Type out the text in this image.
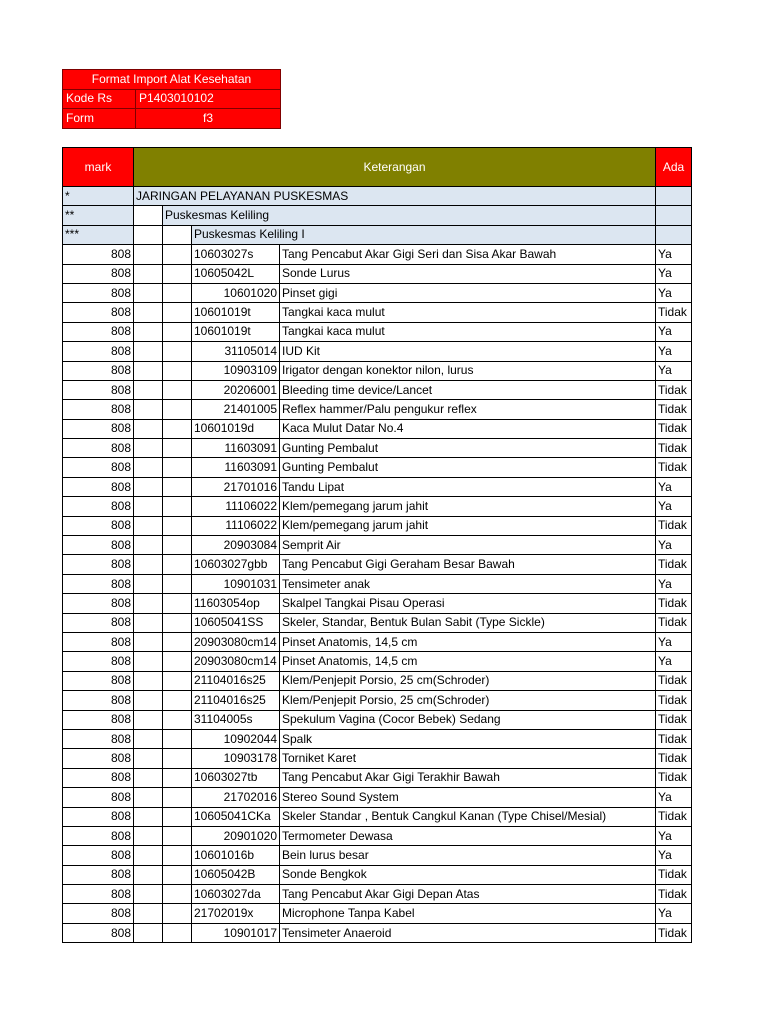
Format Import Alat Kesehatan	
Kode Rs	P1403010102
Form	f3
mark	Keterangan				Ada
*	JARINGAN PELAYANAN PUSKESMAS				
**		Puskesmas Keliling			
***			Puskesmas Keliling I		
808			10603027s	Tang Pencabut Akar Gigi Seri dan Sisa Akar Bawah	Ya
808			10605042L	Sonde Lurus	Ya
808			10601020	Pinset gigi	Ya
808			10601019t	Tangkai kaca mulut	Tidak
808			10601019t	Tangkai kaca mulut	Ya
808			31105014	IUD Kit	Ya
808			10903109	Irigator dengan konektor nilon, lurus	Ya
808			20206001	Bleeding time device/Lancet	Tidak
808			21401005	Reflex hammer/Palu pengukur reflex	Tidak
808			10601019d	Kaca Mulut Datar No.4	Tidak
808			11603091	Gunting Pembalut	Tidak
808			11603091	Gunting Pembalut	Tidak
808			21701016	Tandu Lipat	Ya
808			11106022	Klem/pemegang jarum jahit	Ya
808			11106022	Klem/pemegang jarum jahit	Tidak
808			20903084	Semprit Air	Ya
808			10603027gbb	Tang Pencabut Gigi Geraham Besar Bawah	Tidak
808			10901031	Tensimeter anak	Ya
808			11603054op	Skalpel Tangkai Pisau Operasi	Tidak
808			10605041SS	Skeler, Standar, Bentuk Bulan Sabit (Type Sickle)	Tidak
808			20903080cm14	Pinset Anatomis, 14,5 cm	Ya
808			20903080cm14	Pinset Anatomis, 14,5 cm	Ya
808			21104016s25	Klem/Penjepit Porsio, 25 cm(Schroder)	Tidak
808			21104016s25	Klem/Penjepit Porsio, 25 cm(Schroder)	Tidak
808			31104005s	Spekulum Vagina (Cocor Bebek) Sedang	Tidak
808			10902044	Spalk	Tidak
808			10903178	Torniket Karet	Tidak
808			10603027tb	Tang Pencabut Akar Gigi Terakhir Bawah	Tidak
808			21702016	Stereo Sound System	Ya
808			10605041CKa	Skeler Standar , Bentuk Cangkul Kanan (Type Chisel/Mesial)	Tidak
808			20901020	Termometer Dewasa	Ya
808			10601016b	Bein lurus besar	Ya
808			10605042B	Sonde Bengkok	Tidak
808			10603027da	Tang Pencabut Akar Gigi Depan Atas	Tidak
808			21702019x	Microphone Tanpa Kabel	Ya
808			10901017	Tensimeter Anaeroid	Tidak
